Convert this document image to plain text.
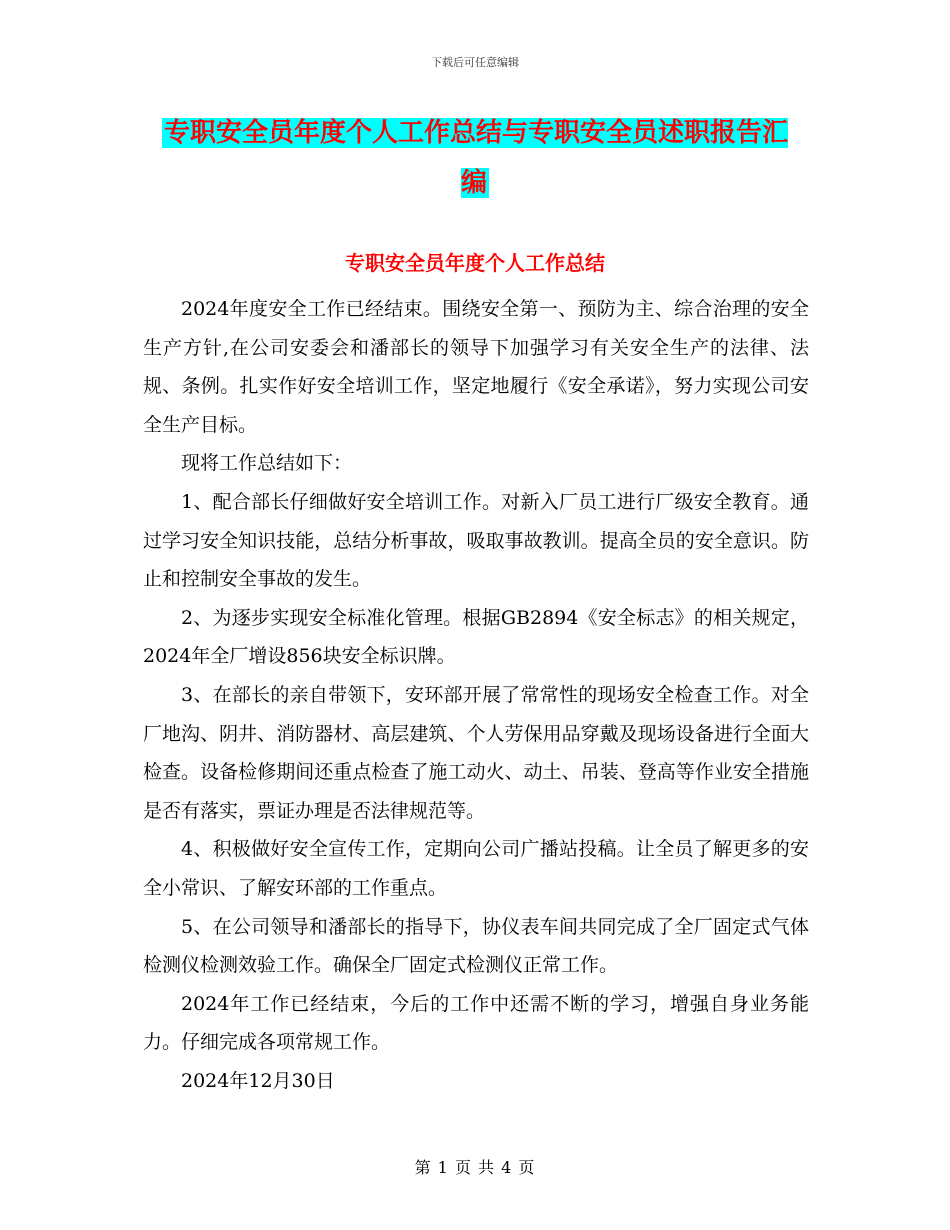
下载后可任意编辑
专职安全员年度个人工作总结与专职安全员述职报告汇编
专职安全员年度个人工作总结

2024年度安全工作已经结束。围绕安全第一、预防为主、综合治理的安全生产方针,在公司安委会和潘部长的领导下加强学习有关安全生产的法律、法规、条例。扎实作好安全培训工作，坚定地履行《安全承诺》，努力实现公司安全生产目标。

现将工作总结如下：

1、配合部长仔细做好安全培训工作。对新入厂员工进行厂级安全教育。通过学习安全知识技能，总结分析事故，吸取事故教训。提高全员的安全意识。防止和控制安全事故的发生。

2、为逐步实现安全标准化管理。根据GB2894《安全标志》的相关规定，2024年全厂增设856块安全标识牌。

3、在部长的亲自带领下，安环部开展了常常性的现场安全检查工作。对全厂地沟、阴井、消防器材、高层建筑、个人劳保用品穿戴及现场设备进行全面大检查。设备检修期间还重点检查了施工动火、动土、吊装、登高等作业安全措施是否有落实，票证办理是否法律规范等。

4、积极做好安全宣传工作，定期向公司广播站投稿。让全员了解更多的安全小常识、了解安环部的工作重点。

5、在公司领导和潘部长的指导下，协仪表车间共同完成了全厂固定式气体检测仪检测效验工作。确保全厂固定式检测仪正常工作。

2024年工作已经结束，今后的工作中还需不断的学习，增强自身业务能力。仔细完成各项常规工作。

2024年12月30日

第 1 页 共 4 页
